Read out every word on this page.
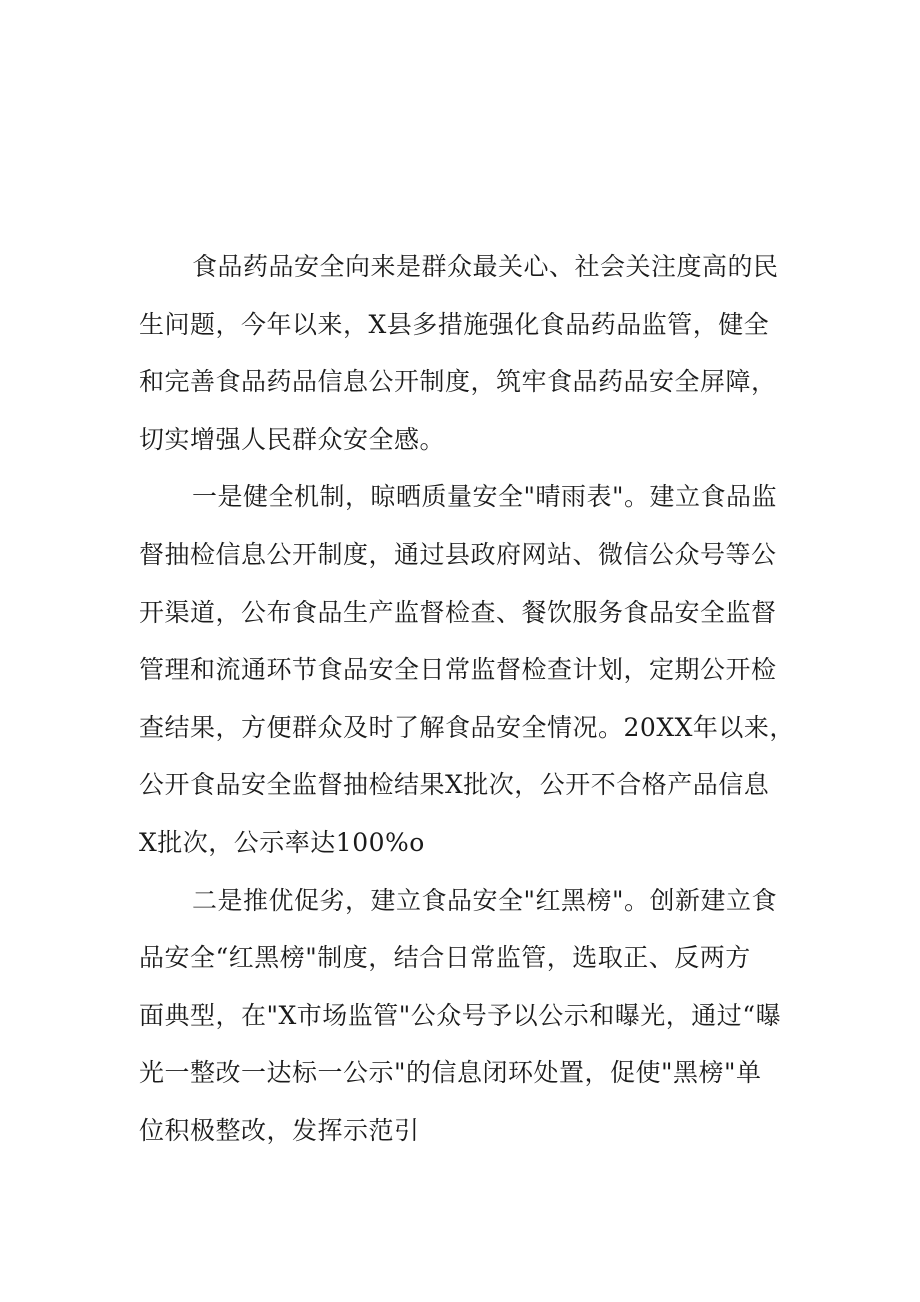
食品药品安全向来是群众最关心、社会关注度高的民
生问题，今年以来，X县多措施强化食品药品监管，健全
和完善食品药品信息公开制度，筑牢食品药品安全屏障，
切实增强人民群众安全感。
一是健全机制，晾晒质量安全"晴雨表"。建立食品监
督抽检信息公开制度，通过县政府网站、微信公众号等公
开渠道，公布食品生产监督检查、餐饮服务食品安全监督
管理和流通环节食品安全日常监督检查计划，定期公开检
查结果，方便群众及时了解食品安全情况。20XX年以来，
公开食品安全监督抽检结果X批次，公开不合格产品信息
X批次，公示率达100%o
二是推优促劣，建立食品安全"红黑榜"。创新建立食
品安全“红黑榜"制度，结合日常监管，选取正、反两方
面典型，在"X市场监管"公众号予以公示和曝光，通过“曝
光一整改一达标一公示"的信息闭环处置，促使"黑榜"单
位积极整改，发挥示范引
